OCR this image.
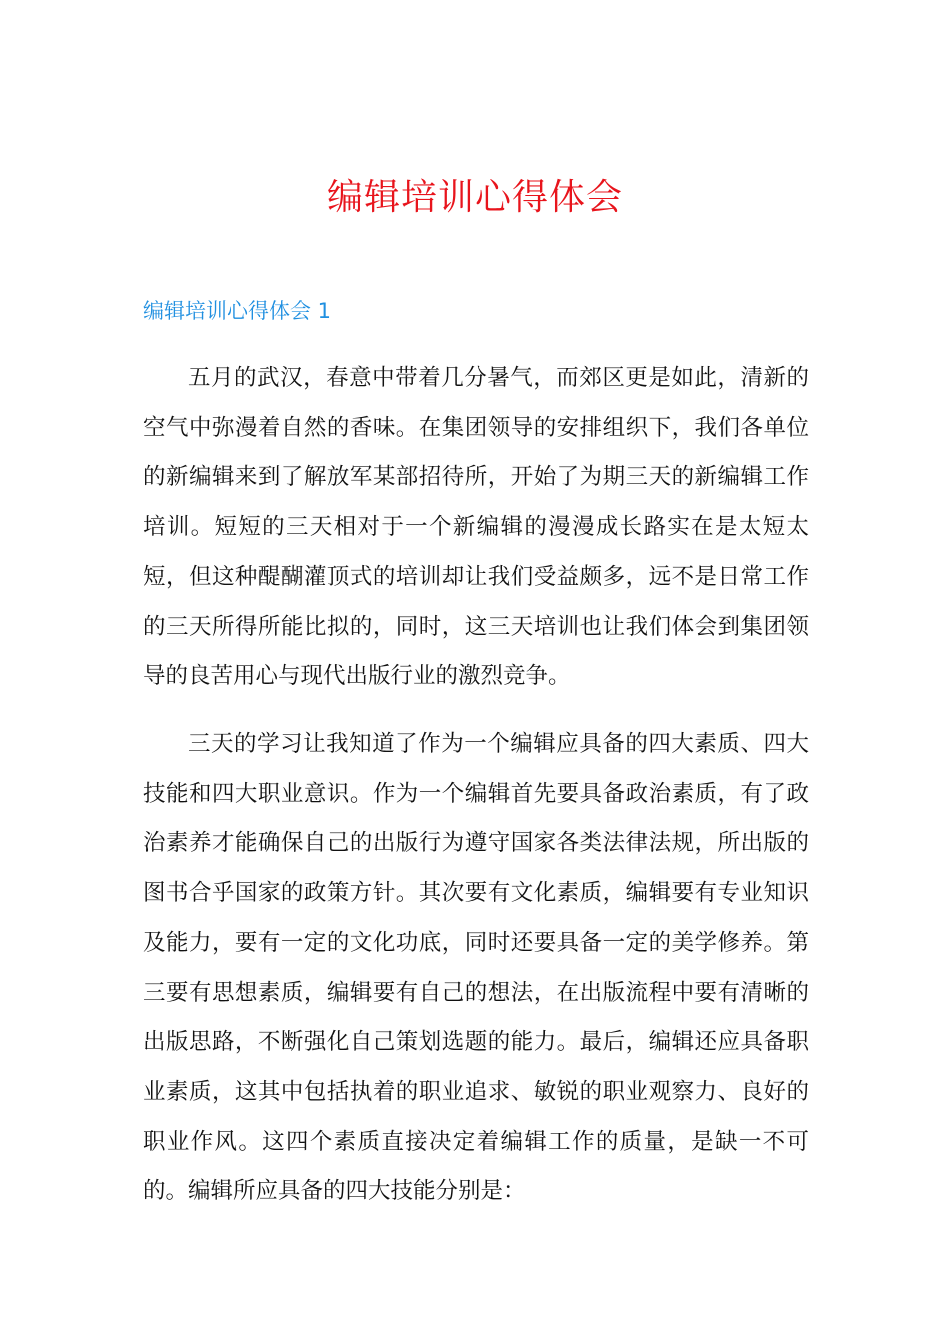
编辑培训心得体会
编辑培训心得体会 1

五月的武汉，春意中带着几分暑气，而郊区更是如此，清新的空气中弥漫着自然的香味。在集团领导的安排组织下，我们各单位的新编辑来到了解放军某部招待所，开始了为期三天的新编辑工作培训。短短的三天相对于一个新编辑的漫漫成长路实在是太短太短，但这种醍醐灌顶式的培训却让我们受益颇多，远不是日常工作的三天所得所能比拟的，同时，这三天培训也让我们体会到集团领导的良苦用心与现代出版行业的激烈竞争。

三天的学习让我知道了作为一个编辑应具备的四大素质、四大技能和四大职业意识。作为一个编辑首先要具备政治素质，有了政治素养才能确保自己的出版行为遵守国家各类法律法规，所出版的图书合乎国家的政策方针。其次要有文化素质，编辑要有专业知识及能力，要有一定的文化功底，同时还要具备一定的美学修养。第三要有思想素质，编辑要有自己的想法，在出版流程中要有清晰的出版思路，不断强化自己策划选题的能力。最后，编辑还应具备职业素质，这其中包括执着的职业追求、敏锐的职业观察力、良好的职业作风。这四个素质直接决定着编辑工作的质量，是缺一不可的。编辑所应具备的四大技能分别是：
